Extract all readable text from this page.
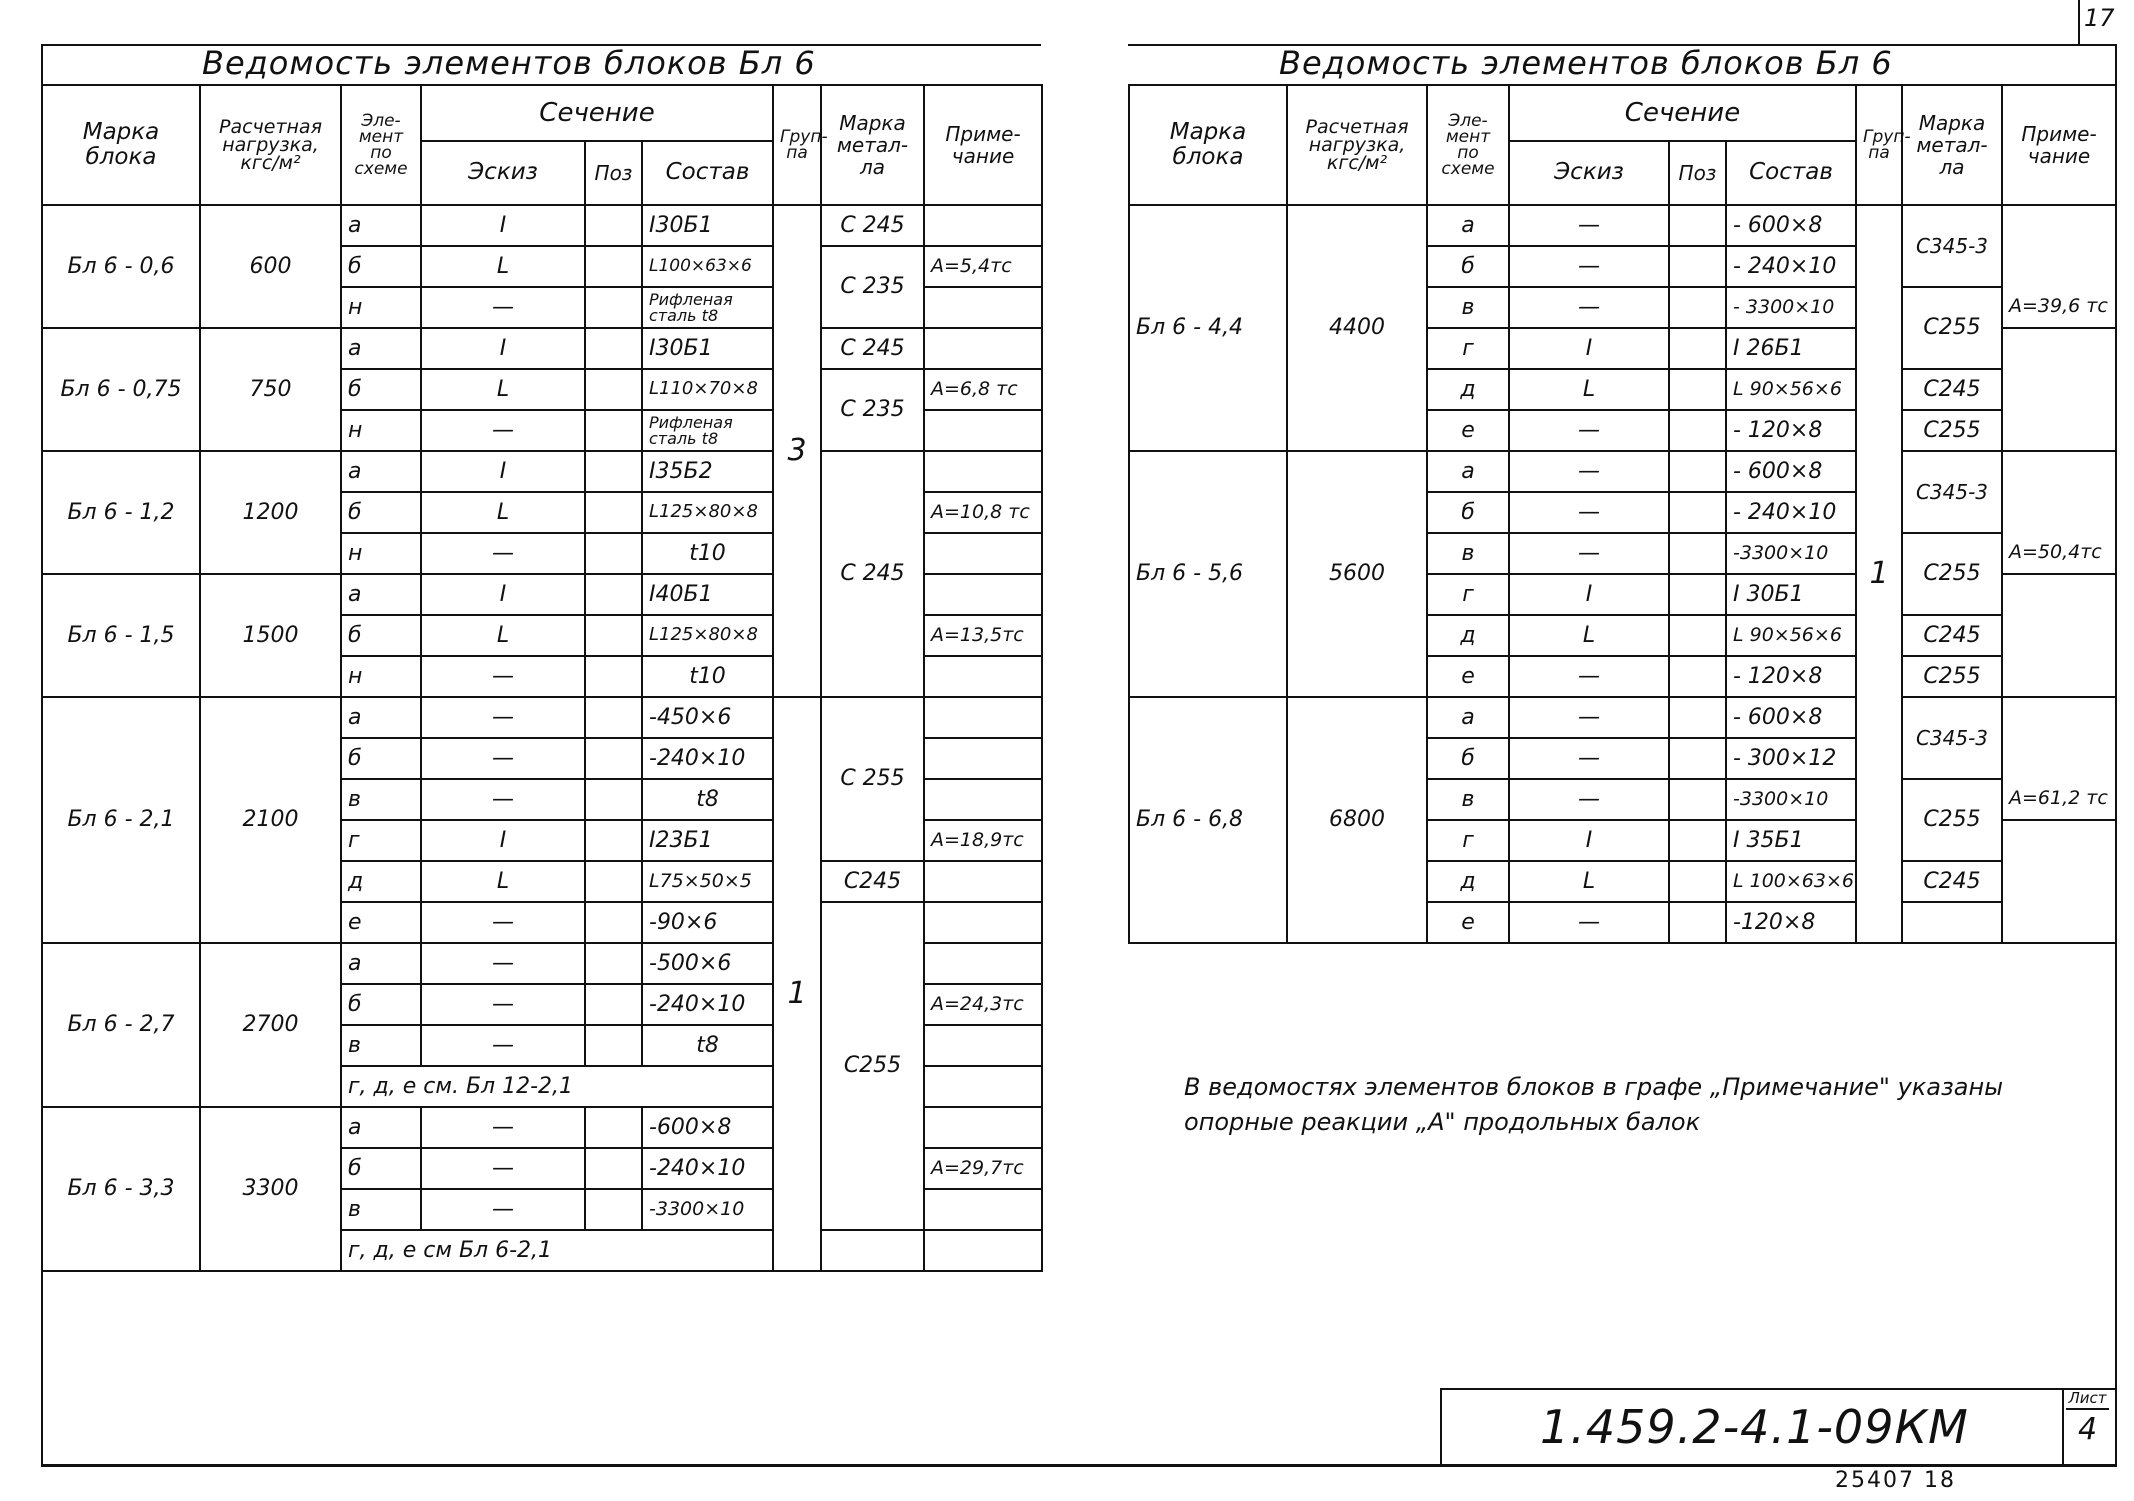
17
Ведомость элементов блоков Бл 6								
Марка блока	Расчетная нагрузка, кгс/м²	Эле-мент по схеме	Сечение			Груп-па	Марка метал-ла	Приме-чание
			Эскиз	Поз	Состав			
Бл 6 - 0,6	600	а	I		I30Б1	3	С 245	
		б	L		L100×63×6		С 235	А=5,4тс
		н	—		Рифленая сталь t8			
Бл 6 - 0,75	750	а	I		I30Б1		С 245	
		б	L		L110×70×8		С 235	А=6,8 тс
		н	—		Рифленая сталь t8			
Бл 6 - 1,2	1200	а	I		I35Б2		С 245	
		б	L		L125×80×8			А=10,8 тс
		н	—		t10			
Бл 6 - 1,5	1500	а	I		I40Б1			
		б	L		L125×80×8			А=13,5тс
		н	—		t10			
Бл 6 - 2,1	2100	а	—		-450×6	1	С 255	
		б	—		-240×10			
		в	—		t8			
		г	I		I23Б1			А=18,9тс
		д	L		L75×50×5		С245	
		е	—		-90×6		С255	
Бл 6 - 2,7	2700	а	—		-500×6			
		б	—		-240×10			А=24,3тс
		в	—		t8			
		г, д, е см. Бл 12-2,1						
Бл 6 - 3,3	3300	а	—		-600×8			
		б	—		-240×10			А=29,7тс
		в	—		-3300×10			
		г, д, е см Бл 6-2,1						
Ведомость элементов блоков Бл 6								
Марка блока	Расчетная нагрузка, кгс/м²	Эле-мент по схеме	Сечение			Груп-па	Марка метал-ла	Приме-чание
			Эскиз	Поз	Состав			
Бл 6 - 4,4	4400	а	—		- 600×8	1	С345-3	
		б	—		- 240×10			
		в	—		- 3300×10		С255	А=39,6 тс
		г	I		I 26Б1			
		д	L		L 90×56×6		С245	
		е	—		- 120×8		С255	
Бл 6 - 5,6	5600	а	—		- 600×8		С345-3	
		б	—		- 240×10			
		в	—		-3300×10		С255	А=50,4тс
		г	I		I 30Б1			
		д	L		L 90×56×6		С245	
		е	—		- 120×8		С255	
Бл 6 - 6,8	6800	а	—		- 600×8		С345-3	
		б	—		- 300×12			
		в	—		-3300×10		С255	А=61,2 тс
		г	I		I 35Б1			
		д	L		L 100×63×6		С245	
		е	—		-120×8			
В ведомостях элементов блоков в графе „Примечание" указаны
опорные реакции „А" продольных балок
1.459.2-4.1-09КМ
Лист
4
25407 18
